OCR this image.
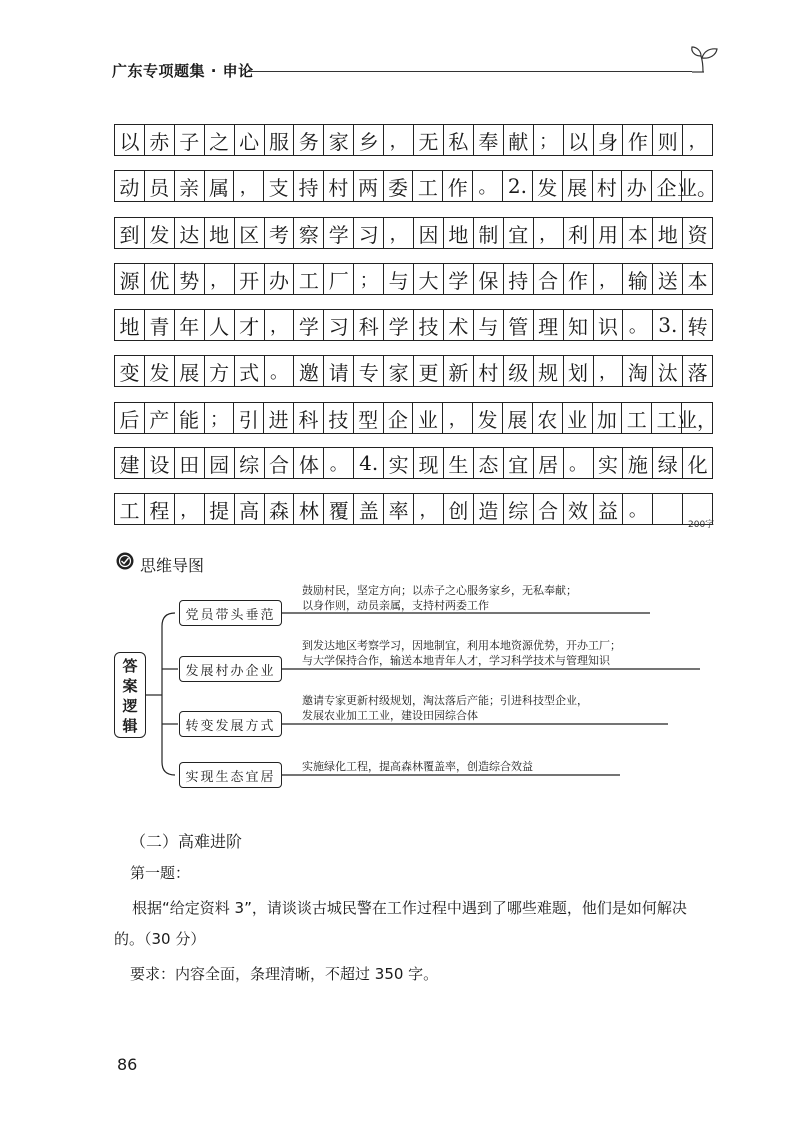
广东专项题集 · 申论
以 赤 子 之 心 服 务 家 乡 ， 无 私 奉 献 ； 以 身 作 则 ，
动 员 亲 属 ， 支 持 村 两 委 工 作 。 2. 发 展 村 办 企 业。
到 发 达 地 区 考 察 学 习 ， 因 地 制 宜 ， 利 用 本 地 资
源 优 势 ， 开 办 工 厂 ； 与 大 学 保 持 合 作 ， 输 送 本
地 青 年 人 才 ， 学 习 科 学 技 术 与 管 理 知 识 。 3. 转
变 发 展 方 式 。 邀 请 专 家 更 新 村 级 规 划 ， 淘 汰 落
后 产 能 ； 引 进 科 技 型 企 业 ， 发 展 农 业 加 工 工 业，
建 设 田 园 综 合 体 。 4. 实 现 生 态 宜 居 。 实 施 绿 化
工 程 ， 提 高 森 林 覆 盖 率 ， 创 造 综 合 效 益 。
200字
思维导图
答
案
逻
辑
党员带头垂范
发展村办企业
转变发展方式
实现生态宜居
鼓励村民，坚定方向；以赤子之心服务家乡，无私奉献；
以身作则，动员亲属，支持村两委工作
到发达地区考察学习，因地制宜，利用本地资源优势，开办工厂；
与大学保持合作，输送本地青年人才，学习科学技术与管理知识
邀请专家更新村级规划，淘汰落后产能；引进科技型企业，
发展农业加工工业，建设田园综合体
实施绿化工程，提高森林覆盖率，创造综合效益
（二）高难进阶
第一题：
根据“给定资料 3”，请谈谈古城民警在工作过程中遇到了哪些难题，他们是如何解决的。（30 分）
要求：内容全面，条理清晰，不超过 350 字。
86
